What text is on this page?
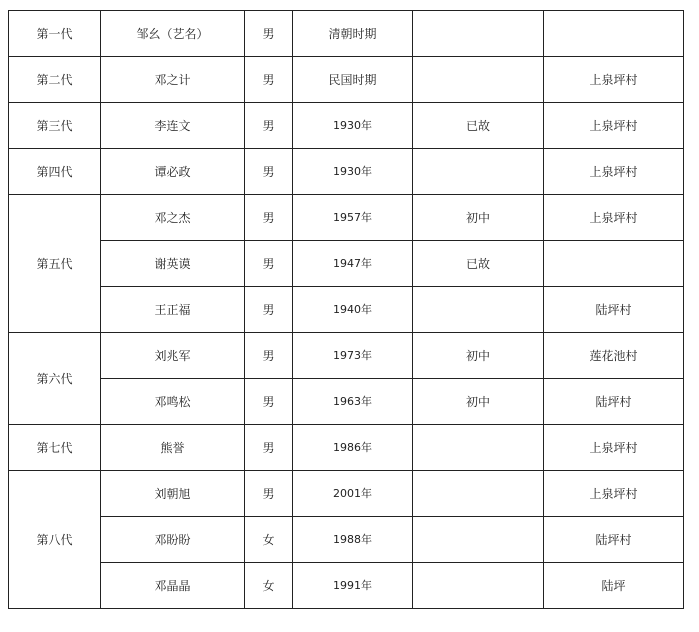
第一代	邹幺（艺名）	男	清朝时期		
第二代	邓之计	男	民国时期		上泉坪村
第三代	李连文	男	1930年	已故	上泉坪村
第四代	谭必政	男	1930年		上泉坪村
第五代	邓之杰	男	1957年	初中	上泉坪村
	谢英谟	男	1947年	已故	
	王正福	男	1940年		陆坪村
第六代	刘兆军	男	1973年	初中	莲花池村
	邓鸣松	男	1963年	初中	陆坪村
第七代	熊誉	男	1986年		上泉坪村
第八代	刘朝旭	男	2001年		上泉坪村
	邓盼盼	女	1988年		陆坪村
	邓晶晶	女	1991年		陆坪
